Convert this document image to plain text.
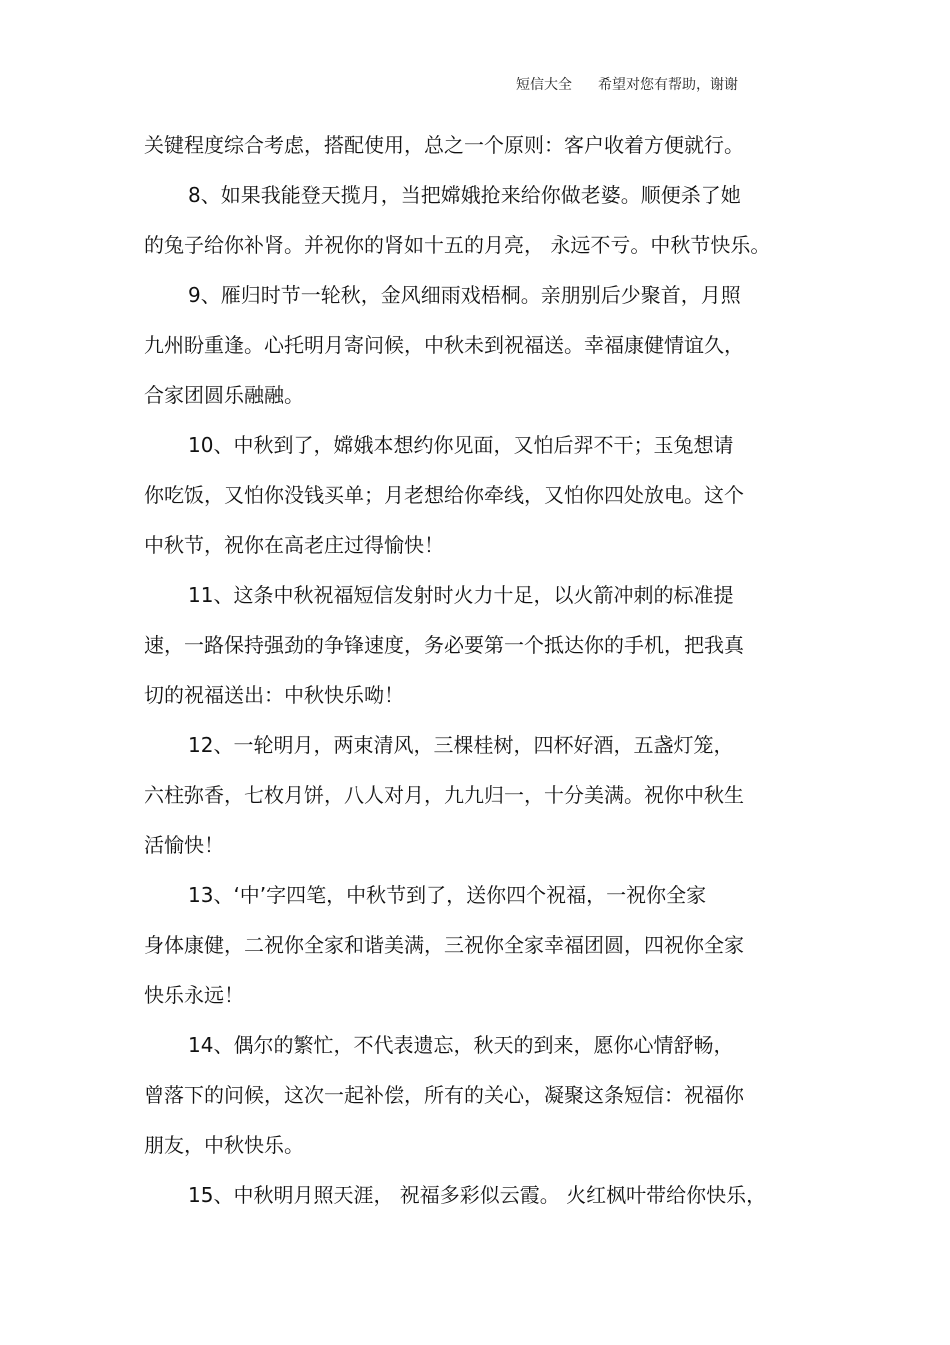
短信大全 希望对您有帮助，谢谢
关键程度综合考虑，搭配使用，总之一个原则：客户收着方便就行。
8、如果我能登天揽月，当把嫦娥抢来给你做老婆。顺便杀了她
的兔子给你补肾。并祝你的肾如十五的月亮， 永远不亏。中秋节快乐。
9、雁归时节一轮秋，金风细雨戏梧桐。亲朋别后少聚首，月照
九州盼重逢。心托明月寄问候，中秋未到祝福送。幸福康健情谊久，
合家团圆乐融融。
10、中秋到了，嫦娥本想约你见面，又怕后羿不干；玉兔想请
你吃饭，又怕你没钱买单；月老想给你牵线，又怕你四处放电。这个
中秋节，祝你在高老庄过得愉快！
11、这条中秋祝福短信发射时火力十足，以火箭冲刺的标准提
速，一路保持强劲的争锋速度，务必要第一个抵达你的手机，把我真
切的祝福送出：中秋快乐呦！
12、一轮明月，两束清风，三棵桂树，四杯好酒，五盏灯笼，
六柱弥香，七枚月饼，八人对月，九九归一，十分美满。祝你中秋生
活愉快！
13、‘中’字四笔，中秋节到了，送你四个祝福，一祝你全家
身体康健，二祝你全家和谐美满，三祝你全家幸福团圆，四祝你全家
快乐永远！
14、偶尔的繁忙，不代表遗忘，秋天的到来，愿你心情舒畅，
曾落下的问候，这次一起补偿，所有的关心，凝聚这条短信：祝福你
朋友，中秋快乐。
15、中秋明月照天涯， 祝福多彩似云霞。 火红枫叶带给你快乐，
